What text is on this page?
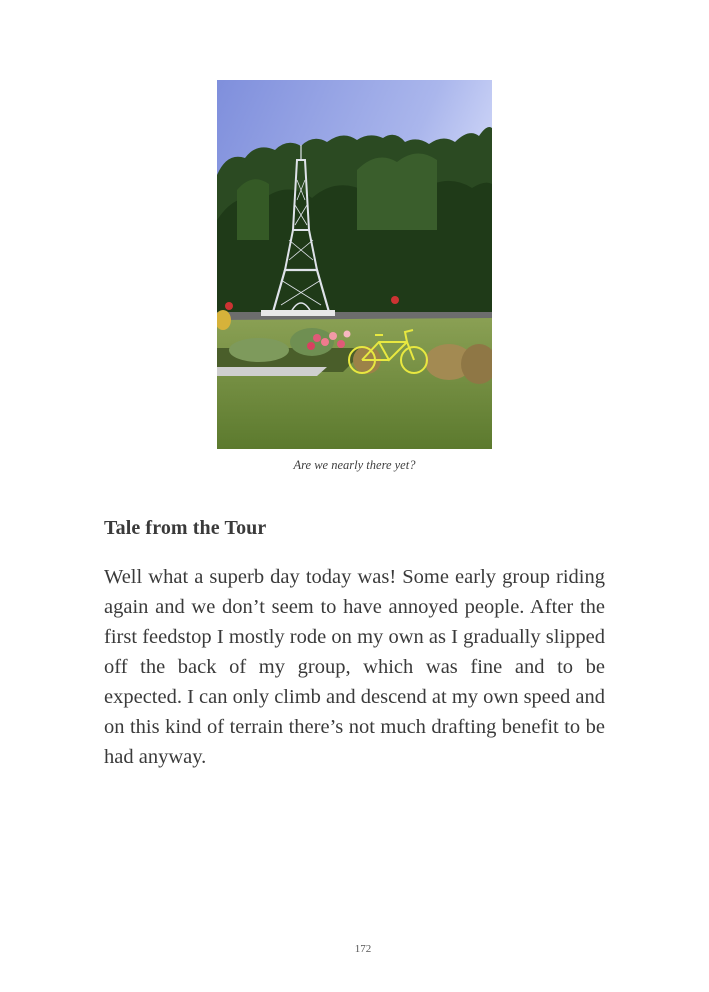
Are we nearly there yet?
Tale from the Tour

Well what a superb day today was! Some early group riding again and we don’t seem to have annoyed people. After the first feedstop I mostly rode on my own as I gradually slipped off the back of my group, which was fine and to be expected. I can only climb and descend at my own speed and on this kind of terrain there’s not much drafting benefit to be had anyway.

172
